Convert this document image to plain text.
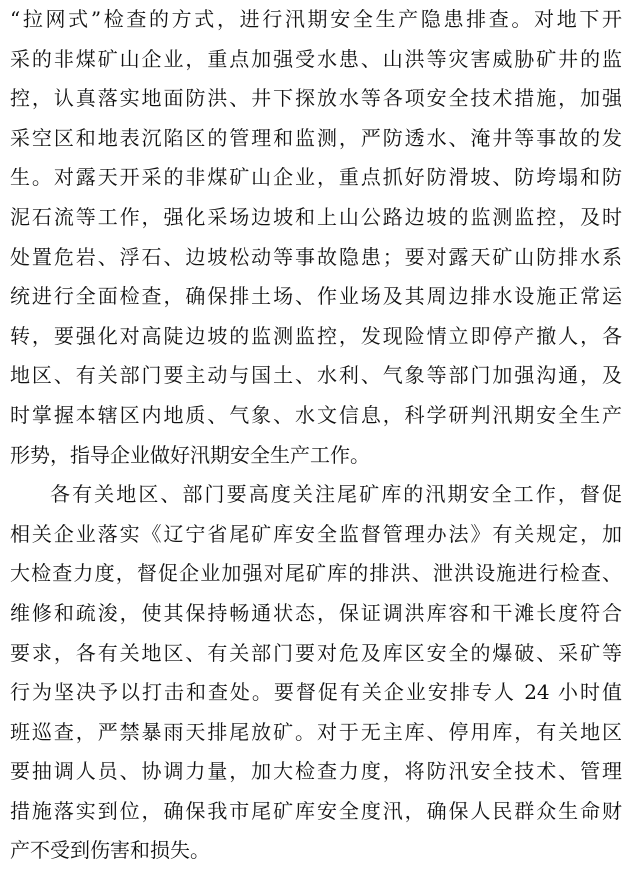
“拉网式”检查的方式，进行汛期安全生产隐患排查。对地下开
采的非煤矿山企业，重点加强受水患、山洪等灾害威胁矿井的监
控，认真落实地面防洪、井下探放水等各项安全技术措施，加强
采空区和地表沉陷区的管理和监测，严防透水、淹井等事故的发
生。对露天开采的非煤矿山企业，重点抓好防滑坡、防垮塌和防
泥石流等工作，强化采场边坡和上山公路边坡的监测监控，及时
处置危岩、浮石、边坡松动等事故隐患；要对露天矿山防排水系
统进行全面检查，确保排土场、作业场及其周边排水设施正常运
转，要强化对高陡边坡的监测监控，发现险情立即停产撤人，各
地区、有关部门要主动与国土、水利、气象等部门加强沟通，及
时掌握本辖区内地质、气象、水文信息，科学研判汛期安全生产
形势，指导企业做好汛期安全生产工作。
各有关地区、部门要高度关注尾矿库的汛期安全工作，督促
相关企业落实《辽宁省尾矿库安全监督管理办法》有关规定，加
大检查力度，督促企业加强对尾矿库的排洪、泄洪设施进行检查、
维修和疏浚，使其保持畅通状态，保证调洪库容和干滩长度符合
要求，各有关地区、有关部门要对危及库区安全的爆破、采矿等
行为坚决予以打击和查处。要督促有关企业安排专人 24 小时值
班巡查，严禁暴雨天排尾放矿。对于无主库、停用库，有关地区
要抽调人员、协调力量，加大检查力度，将防汛安全技术、管理
措施落实到位，确保我市尾矿库安全度汛，确保人民群众生命财
产不受到伤害和损失。
